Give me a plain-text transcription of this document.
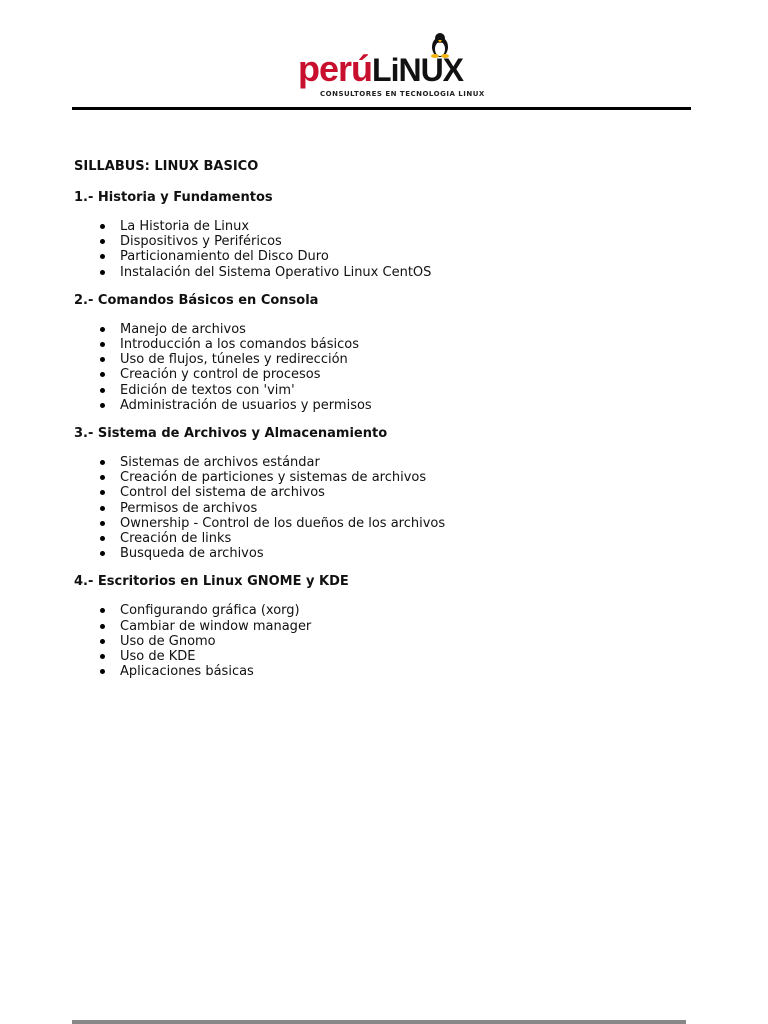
perúLiNUX
CONSULTORES EN TECNOLOGIA LINUX
SILLABUS: LINUX BASICO
1.- Historia y Fundamentos
La Historia de Linux
Dispositivos y Periféricos
Particionamiento del Disco Duro
Instalación del Sistema Operativo Linux CentOS
2.- Comandos Básicos en Consola
Manejo de archivos
Introducción a los comandos básicos
Uso de flujos, túneles y redirección
Creación y control de procesos
Edición de textos con 'vim'
Administración de usuarios y permisos
3.- Sistema de Archivos y Almacenamiento
Sistemas de archivos estándar
Creación de particiones y sistemas de archivos
Control del sistema de archivos
Permisos de archivos
Ownership - Control de los dueños de los archivos
Creación de links
Busqueda de archivos
4.- Escritorios en Linux GNOME y KDE
Configurando gráfica (xorg)
Cambiar de window manager
Uso de Gnomo
Uso de KDE
Aplicaciones básicas
